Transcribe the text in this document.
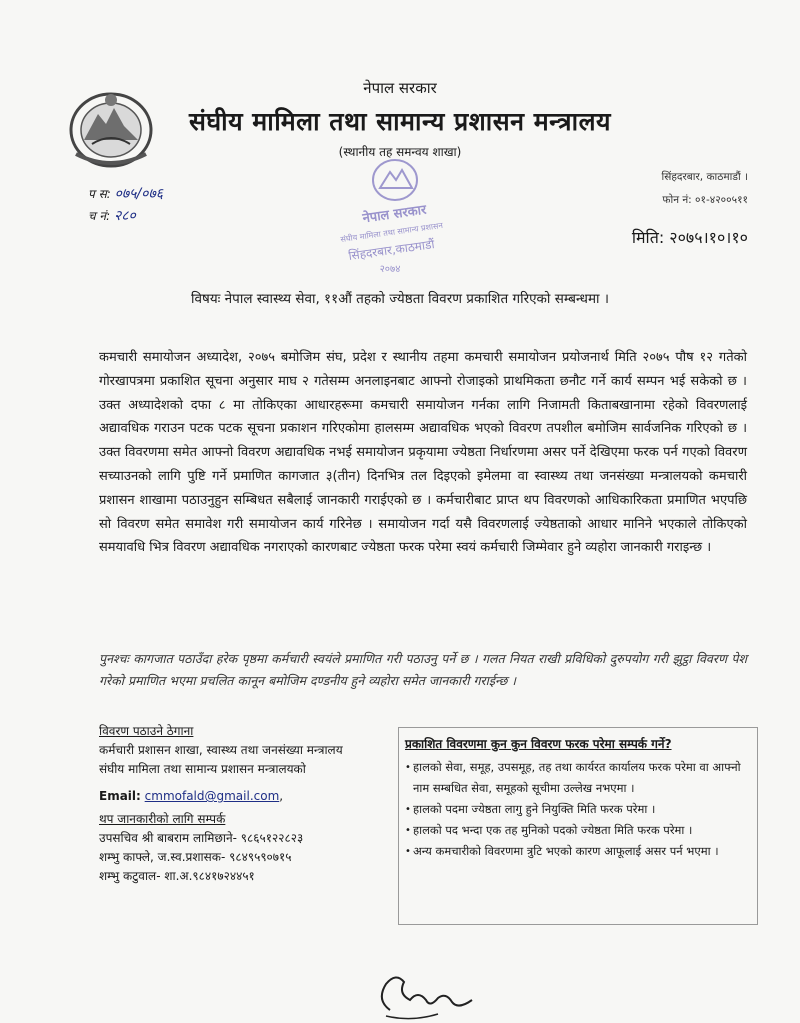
नेपाल सरकार
संघीय मामिला तथा सामान्य प्रशासन मन्त्रालय
(स्थानीय तह समन्वय शाखा)
सिंहदरबार, काठमाडौं ।
फोन नं: ०१-४२००५११
प स: ०७५/०७६
च नं: २८०	नेपाल सरकार
संघीय मामिला तथा सामान्य प्रशासन
सिंहदरबार,काठमाडौं
२०७४
मिति: २०७५।१०।१०
विषयः नेपाल स्वास्थ्य सेवा, ११औं तहको ज्येष्ठता विवरण प्रकाशित गरिएको सम्बन्धमा ।
कमचारी समायोजन अध्यादेश, २०७५ बमोजिम संघ, प्रदेश र स्थानीय तहमा कमचारी समायोजन प्रयोजनार्थ मिति २०७५ पौष १२ गतेको गोरखापत्रमा प्रकाशित सूचना अनुसार माघ २ गतेसम्म अनलाइनबाट आफ्नो रोजाइको प्राथमिकता छनौट गर्ने कार्य सम्पन भई सकेको छ ।उक्त अध्यादेशको दफा ८ मा तोकिएका आधारहरूमा कमचारी समायोजन गर्नका लागि निजामती किताबखानामा रहेको विवरणलाई अद्यावधिक गराउन पटक पटक सूचना प्रकाशन गरिएकोमा हालसम्म अद्यावधिक भएको विवरण तपशील बमोजिम सार्वजनिक गरिएको छ । उक्त विवरणमा समेत आफ्नो विवरण अद्यावधिक नभई समायोजन प्रकृयामा ज्येष्ठता निर्धारणमा असर पर्ने देखिएमा फरक पर्न गएको विवरण सच्याउनको लागि पुष्टि गर्ने प्रमाणित कागजात ३(तीन) दिनभित्र तल दिइएको इमेलमा वा स्वास्थ्य तथा जनसंख्या मन्त्रालयको कमचारी प्रशासन शाखामा पठाउनुहुन सम्बिधत सबैलाई जानकारी गराईएको छ । कर्मचारीबाट प्राप्त थप विवरणको आधिकारिकता प्रमाणित भएपछि सो विवरण समेत समावेश गरी समायोजन कार्य गरिनेछ । समायोजन गर्दा यसै विवरणलाई ज्येष्ठताको आधार मानिने भएकाले तोकिएको समयावधि भित्र विवरण अद्यावधिक नगराएको कारणबाट ज्येष्ठता फरक परेमा स्वयं कर्मचारी जिम्मेवार हुने व्यहोरा जानकारी गराइन्छ ।
पुनश्चः कागजात पठाउँदा हरेक पृष्ठमा कर्मचारी स्वयंले प्रमाणित गरी पठाउनु पर्ने छ । गलत नियत राखी प्रविधिको दुरुपयोग गरी झुट्ठा विवरण पेश गरेको प्रमाणित भएमा प्रचलित कानून बमोजिम दण्डनीय हुने व्यहोरा समेत जानकारी गराईन्छ ।
विवरण पठाउने ठेगाना
कर्मचारी प्रशासन शाखा, स्वास्थ्य तथा जनसंख्या मन्त्रालय
संघीय मामिला तथा सामान्य प्रशासन मन्त्रालयको
Email: cmmofald@gmail.com,
थप जानकारीको लागि सम्पर्क
उपसचिव श्री बाबराम लामिछाने- ९८६५१२२८२३
शम्भु काफ्ले, ज.स्व.प्रशासक- ९८४९५९०७१५
शम्भु कटुवाल- शा.अ.९८४१७२४४५१
प्रकाशित विवरणमा कुन कुन विवरण फरक परेमा सम्पर्क गर्ने?
• हालको सेवा, समूह, उपसमूह, तह तथा कार्यरत कार्यालय फरक परेमा वा आफ्नो नाम सम्बधित सेवा, समूहको सूचीमा उल्लेख नभएमा ।
• हालको पदमा ज्येष्ठता लागु हुने नियुक्ति मिति फरक परेमा ।
• हालको पद भन्दा एक तह मुनिको पदको ज्येष्ठता मिति फरक परेमा ।
• अन्य कमचारीको विवरणमा त्रुटि भएको कारण आफूलाई असर पर्न भएमा ।
